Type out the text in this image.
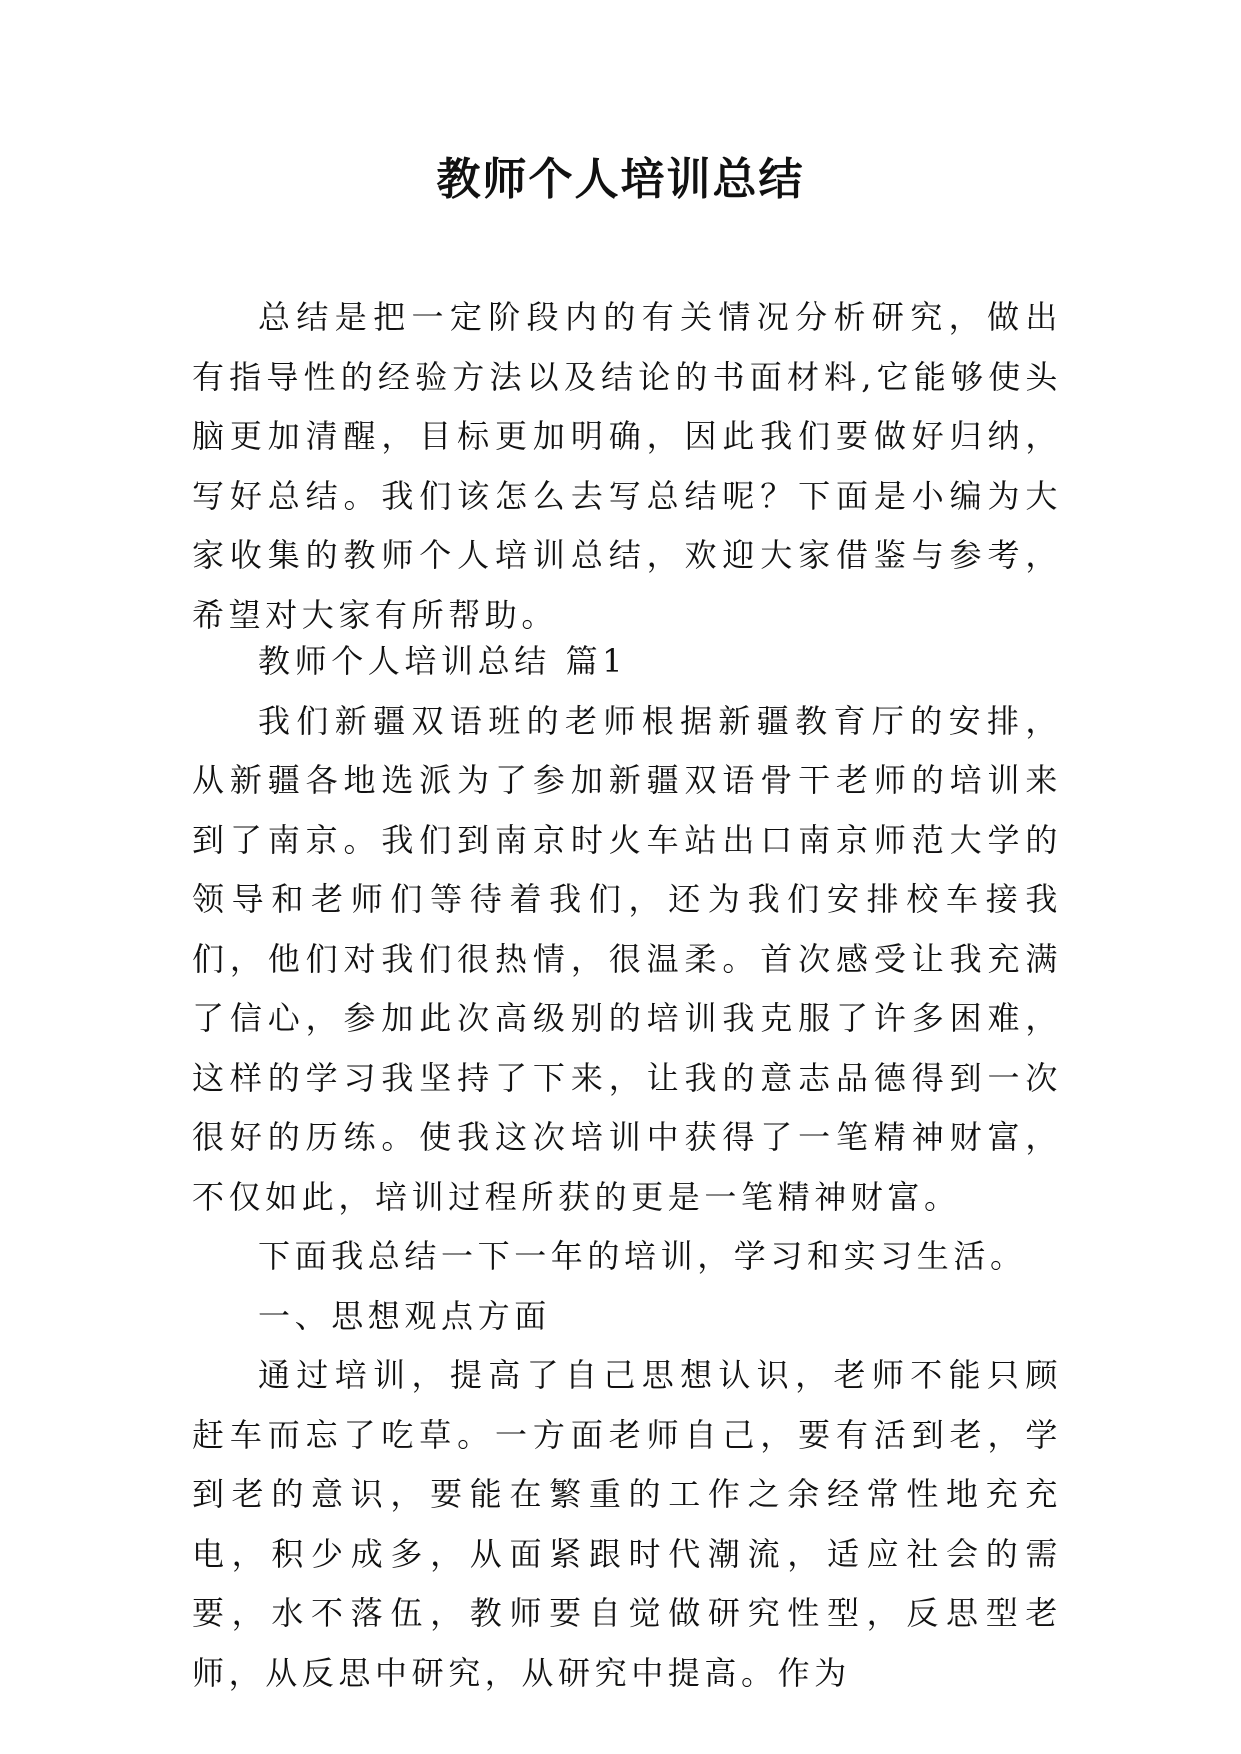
教师个人培训总结

总结是把一定阶段内的有关情况分析研究，做出有指导性的经验方法以及结论的书面材料,它能够使头脑更加清醒，目标更加明确，因此我们要做好归纳，写好总结。我们该怎么去写总结呢？下面是小编为大家收集的教师个人培训总结，欢迎大家借鉴与参考，希望对大家有所帮助。

教师个人培训总结 篇1

我们新疆双语班的老师根据新疆教育厅的安排，从新疆各地选派为了参加新疆双语骨干老师的培训来到了南京。我们到南京时火车站出口南京师范大学的领导和老师们等待着我们，还为我们安排校车接我们，他们对我们很热情，很温柔。首次感受让我充满了信心，参加此次高级别的培训我克服了许多困难，这样的学习我坚持了下来，让我的意志品德得到一次很好的历练。使我这次培训中获得了一笔精神财富，不仅如此，培训过程所获的更是一笔精神财富。

下面我总结一下一年的培训，学习和实习生活。

一、思想观点方面

通过培训，提高了自己思想认识，老师不能只顾赶车而忘了吃草。一方面老师自己，要有活到老，学到老的意识，要能在繁重的工作之余经常性地充充电，积少成多，从面紧跟时代潮流，适应社会的需要，水不落伍，教师要自觉做研究性型，反思型老师，从反思中研究，从研究中提高。作为
